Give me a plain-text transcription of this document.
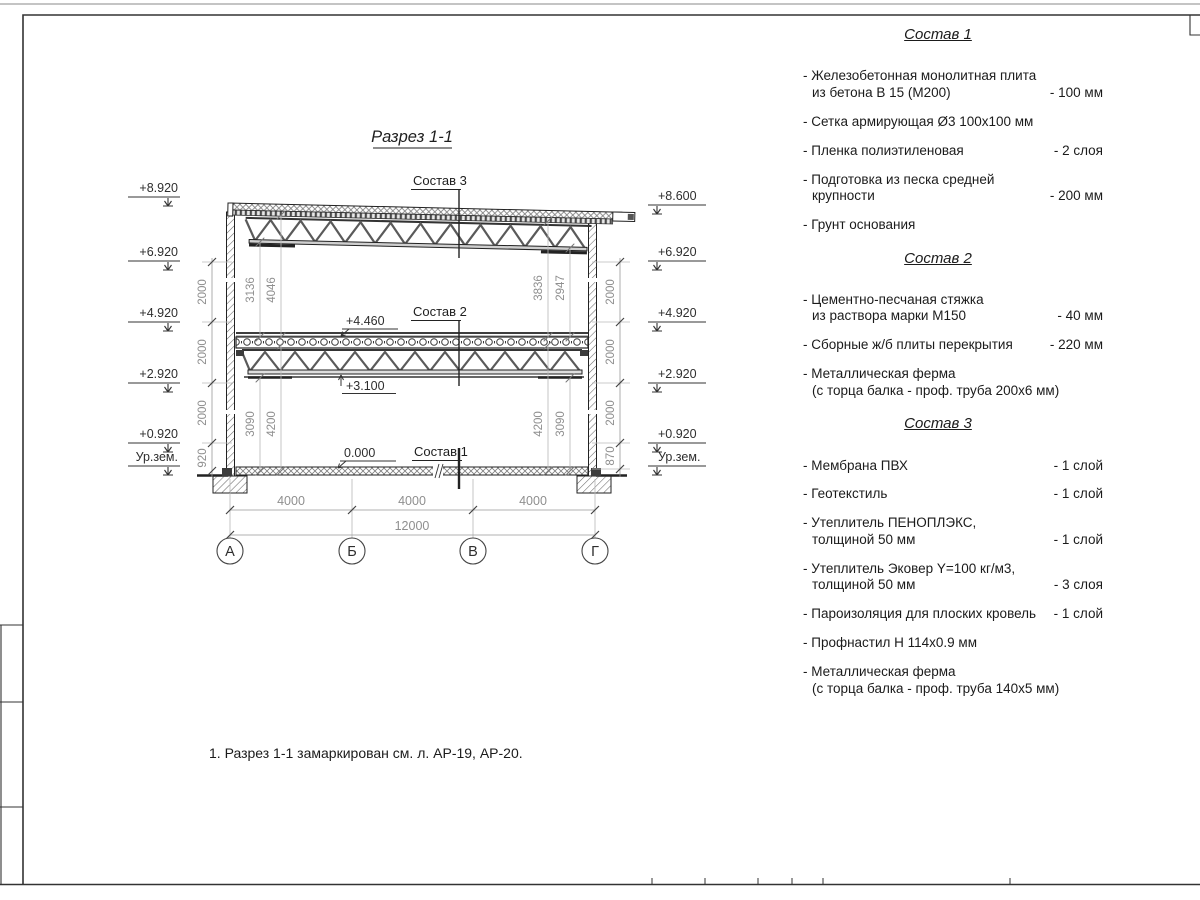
+8.920
+6.920
+4.920
+2.920
+0.920
Ур.зем.
+8.600
+6.920
+4.920
+2.920
+0.920
Ур.зем.
2000
2000
2000
920
2000
2000
2000
870
3136 4046	3836 2947
3090 4200	4200 3090
4000	4000	4000
12000
А	Б	В	Г
Разрез 1-1
Состав 3
Состав 2
Состав 1
+4.460
+3.100
0.000
Состав 1
- Железобетонная монолитная плита
из бетона В 15 (М200)	- 100 мм
- Сетка армирующая Ø3 100х100 мм
- Пленка полиэтиленовая	- 2 слоя
- Подготовка из песка средней
крупности	- 200 мм
- Грунт основания
Состав 2
- Цементно-песчаная стяжка
из раствора марки М150	- 40 мм
- Сборные ж/б плиты перекрытия	- 220 мм
- Металлическая ферма
(с торца балка - проф. труба 200х6 мм)
Состав 3
- Мембрана ПВХ	- 1 слой
- Геотекстиль	- 1 слой
- Утеплитель ПЕНОПЛЭКС,
толщиной 50 мм	- 1 слой
- Утеплитель Эковер Y=100 кг/м3,
толщиной 50 мм	- 3 слоя
- Пароизоляция для плоских кровель - 1 слой
- Профнастил Н 114х0.9 мм
- Металлическая ферма
(с торца балка - проф. труба 140х5 мм)
1. Разрез 1-1 замаркирован см. л. АР-19, АР-20.
